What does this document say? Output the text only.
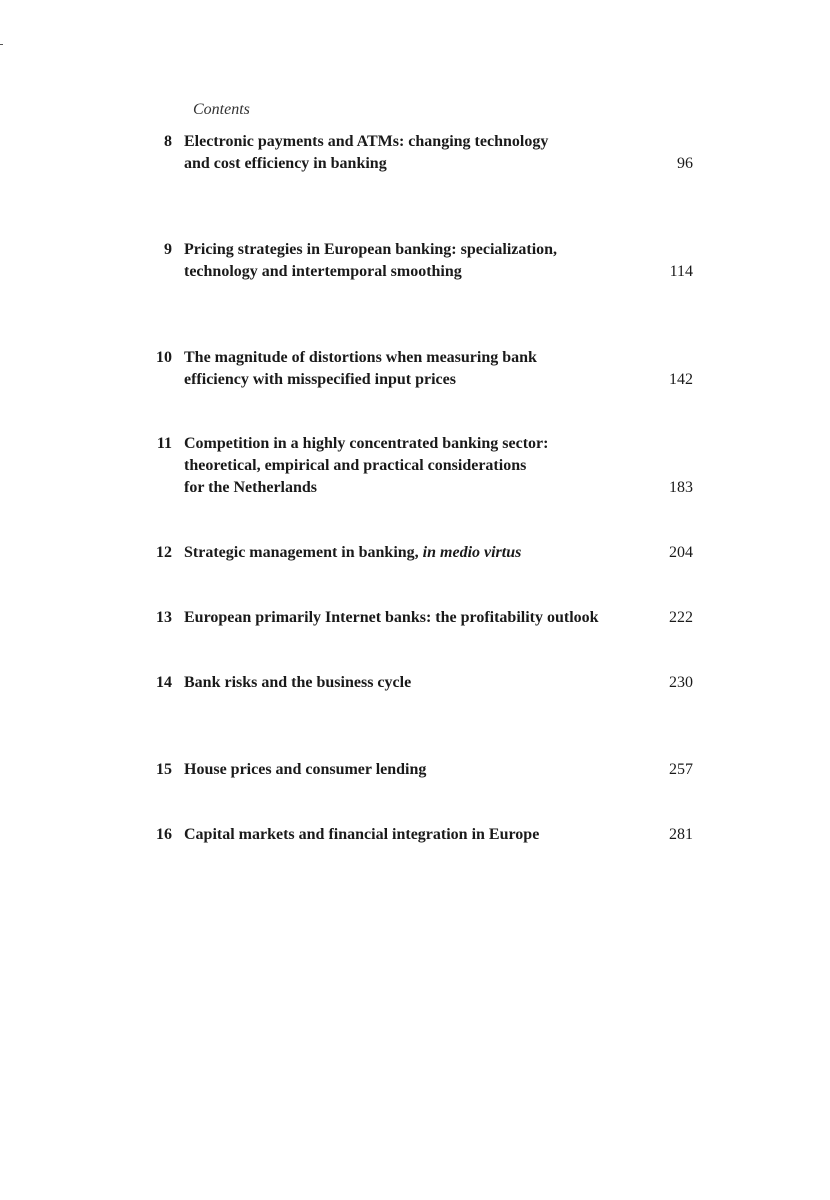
Contents
8 Electronic payments and ATMs: changing technology
and cost efficiency in banking	96
9 Pricing strategies in European banking: specialization,
technology and intertemporal smoothing	114
10 The magnitude of distortions when measuring bank
efficiency with misspecified input prices	142
11 Competition in a highly concentrated banking sector:
theoretical, empirical and practical considerations
for the Netherlands	183
12 Strategic management in banking, in medio virtus	204
13 European primarily Internet banks: the profitability outlook	222
14 Bank risks and the business cycle	230
15 House prices and consumer lending	257
16 Capital markets and financial integration in Europe	281
